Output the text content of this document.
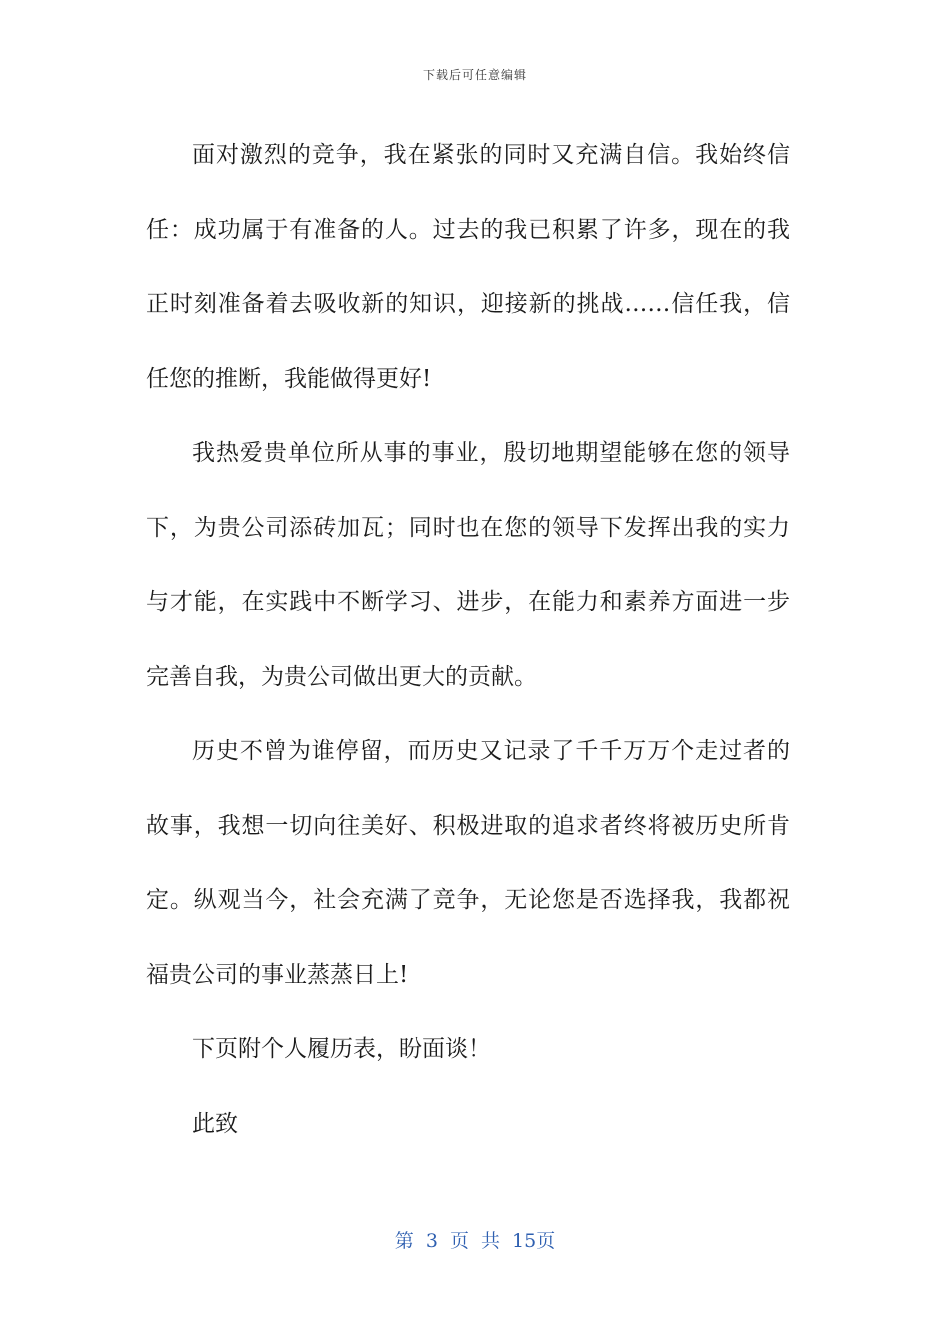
下载后可任意编辑
面对激烈的竞争，我在紧张的同时又充满自信。我始终信
任：成功属于有准备的人。过去的我已积累了许多，现在的我
正时刻准备着去吸收新的知识，迎接新的挑战……信任我，信
任您的推断，我能做得更好!
我热爱贵单位所从事的事业，殷切地期望能够在您的领导
下，为贵公司添砖加瓦；同时也在您的领导下发挥出我的实力
与才能，在实践中不断学习、进步，在能力和素养方面进一步
完善自我，为贵公司做出更大的贡献。
历史不曾为谁停留，而历史又记录了千千万万个走过者的
故事，我想一切向往美好、积极进取的追求者终将被历史所肯
定。纵观当今，社会充满了竞争，无论您是否选择我，我都祝
福贵公司的事业蒸蒸日上!
下页附个人履历表，盼面谈！
此致
第 3 页 共 15页
